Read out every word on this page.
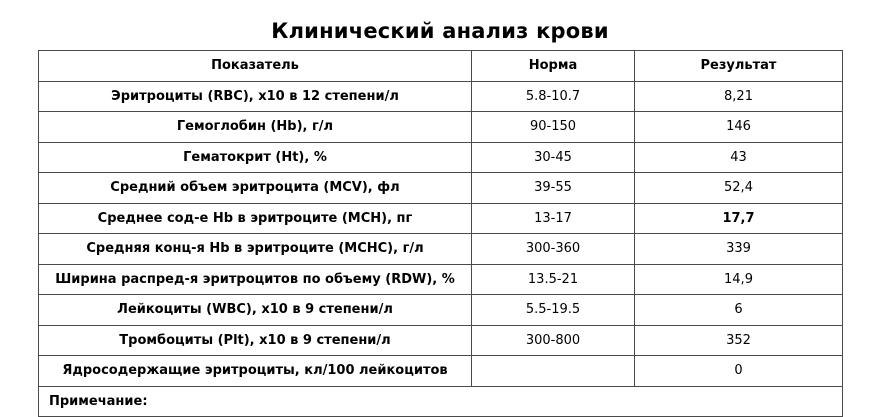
Клинический анализ крови
Показатель	Норма	Результат
Эритроциты (RBC), x10 в 12 степени/л	5.8-10.7	8,21
Гемоглобин (Hb), г/л	90-150	146
Гематокрит (Ht), %	30-45	43
Средний объем эритроцита (MCV), фл	39-55	52,4
Среднее сод-е Hb в эритроците (MCH), пг	13-17	17,7
Средняя конц-я Hb в эритроците (MCHC), г/л	300-360	339
Ширина распред-я эритроцитов по объему (RDW), %	13.5-21	14,9
Лейкоциты (WBC), x10 в 9 степени/л	5.5-19.5	6
Тромбоциты (Plt), x10 в 9 степени/л	300-800	352
Ядросодержащие эритроциты, кл/100 лейкоцитов		0
Примечание:		
